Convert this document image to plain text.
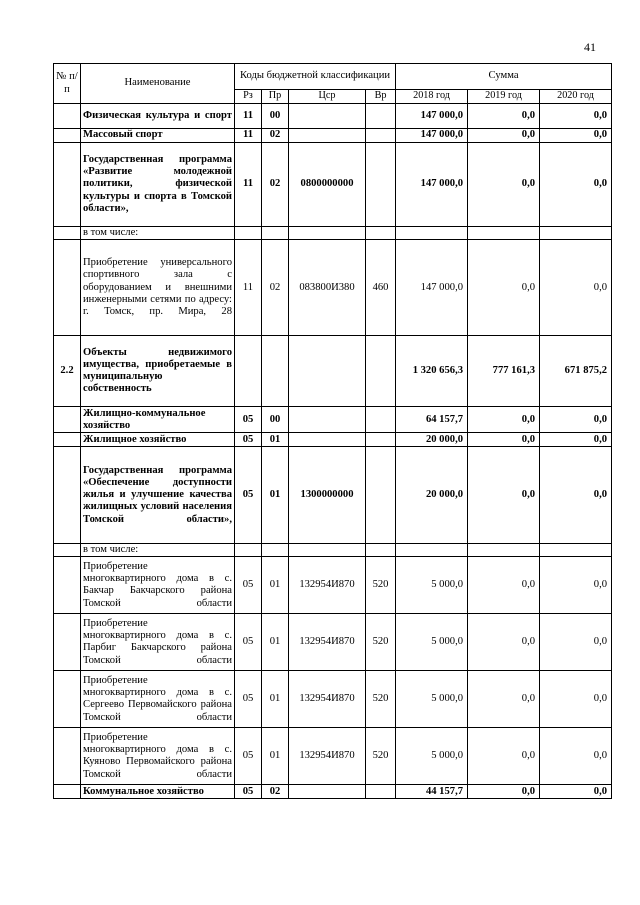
41
№ п/п	Наименование	Коды бюджетной классификации				Сумма		
		Рз	Пр	Цср	Вр	2018 год	2019 год	2020 год
	Физическая культура и спорт	11	00			147 000,0	0,0	0,0
	Массовый спорт	11	02			147 000,0	0,0	0,0
	Государственная программа «Развитие молодежной политики, физической культуры и спорта в Томской области»,	11	02	0800000000		147 000,0	0,0	0,0
	в том числе:							
	Приобретение универсального спортивного зала с оборудованием и внешними инженерными сетями по адресу: г. Томск, пр. Мира, 28	11	02	083800И380	460	147 000,0	0,0	0,0
2.2	Объекты недвижимого имущества, приобретаемые в муниципальную собственность					1 320 656,3	777 161,3	671 875,2
	Жилищно-коммунальное хозяйство	05	00			64 157,7	0,0	0,0
	Жилищное хозяйство	05	01			20 000,0	0,0	0,0
	Государственная программа «Обеспечение доступности жилья и улучшение качества жилищных условий населения Томской области»,	05	01	1300000000		20 000,0	0,0	0,0
	в том числе:							
	Приобретение многоквартирного дома в с. Бакчар Бакчарского района Томской области	05	01	132954И870	520	5 000,0	0,0	0,0
	Приобретение многоквартирного дома в с. Парбиг Бакчарского района Томской области	05	01	132954И870	520	5 000,0	0,0	0,0
	Приобретение многоквартирного дома в с. Сергеево Первомайского района Томской области	05	01	132954И870	520	5 000,0	0,0	0,0
	Приобретение многоквартирного дома в с. Куяново Первомайского района Томской области	05	01	132954И870	520	5 000,0	0,0	0,0
	Коммунальное хозяйство	05	02			44 157,7	0,0	0,0
